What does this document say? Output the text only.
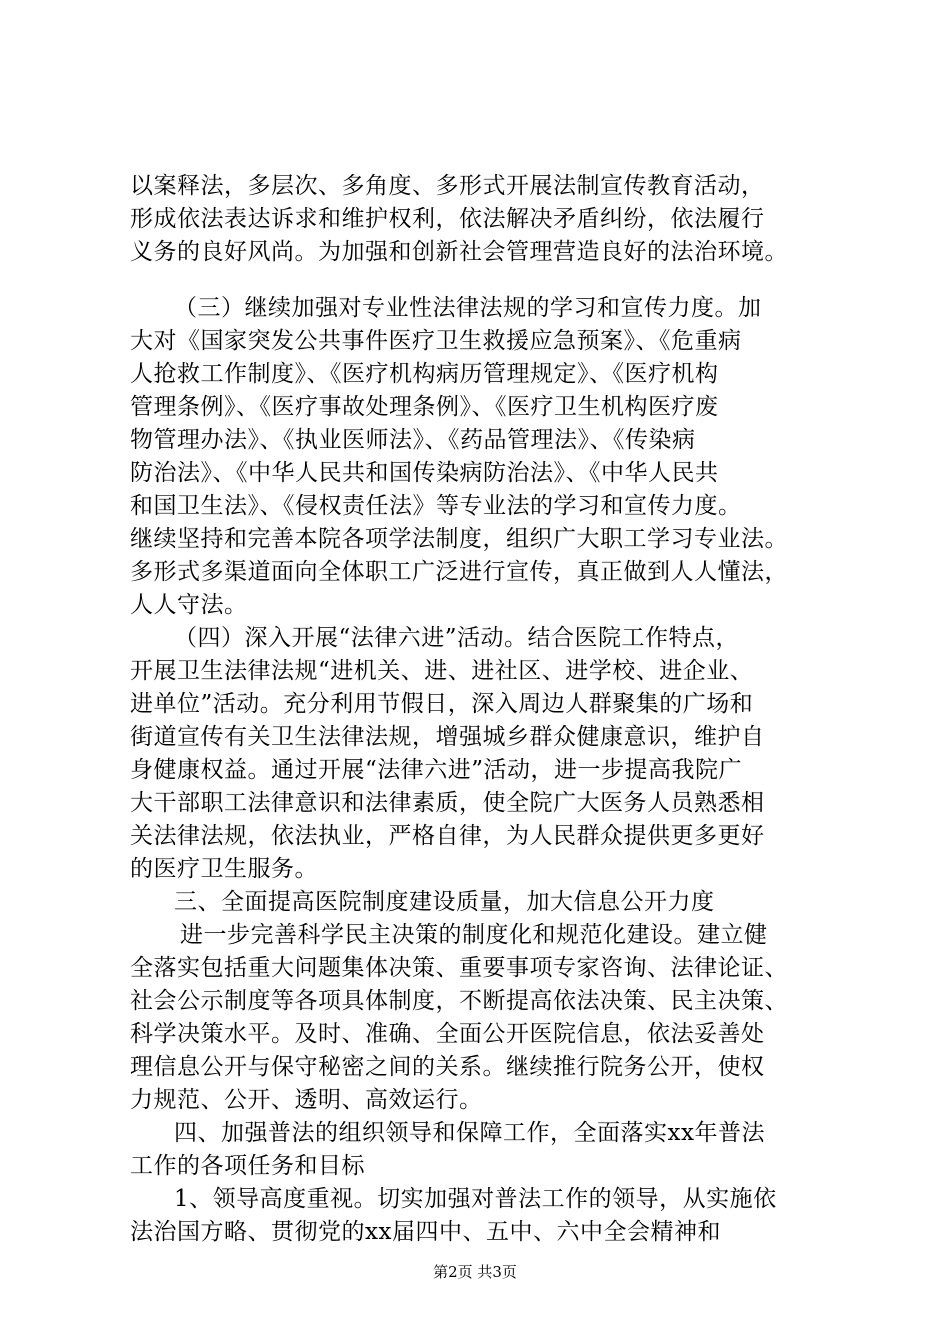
以案释法，多层次、多角度、多形式开展法制宣传教育活动，
形成依法表达诉求和维护权利，依法解决矛盾纠纷，依法履行
义务的良好风尚。为加强和创新社会管理营造良好的法治环境。
（三）继续加强对专业性法律法规的学习和宣传力度。加
大对《国家突发公共事件医疗卫生救援应急预案》、《危重病
人抢救工作制度》、《医疗机构病历管理规定》、《医疗机构
管理条例》、《医疗事故处理条例》、《医疗卫生机构医疗废
物管理办法》、《执业医师法》、《药品管理法》、《传染病
防治法》、《中华人民共和国传染病防治法》、《中华人民共
和国卫生法》、《侵权责任法》等专业法的学习和宣传力度。
继续坚持和完善本院各项学法制度，组织广大职工学习专业法。
多形式多渠道面向全体职工广泛进行宣传，真正做到人人懂法，
人人守法。
（四）深入开展“法律六进”活动。结合医院工作特点，
开展卫生法律法规“进机关、进、进社区、进学校、进企业、
进单位”活动。充分利用节假日，深入周边人群聚集的广场和
街道宣传有关卫生法律法规，增强城乡群众健康意识，维护自
身健康权益。通过开展“法律六进”活动，进一步提高我院广
大干部职工法律意识和法律素质，使全院广大医务人员熟悉相
关法律法规，依法执业，严格自律，为人民群众提供更多更好
的医疗卫生服务。
三、全面提高医院制度建设质量，加大信息公开力度
进一步完善科学民主决策的制度化和规范化建设。建立健
全落实包括重大问题集体决策、重要事项专家咨询、法律论证、
社会公示制度等各项具体制度，不断提高依法决策、民主决策、
科学决策水平。及时、准确、全面公开医院信息，依法妥善处
理信息公开与保守秘密之间的关系。继续推行院务公开，使权
力规范、公开、透明、高效运行。
四、加强普法的组织领导和保障工作，全面落实xx年普法
工作的各项任务和目标
1、领导高度重视。切实加强对普法工作的领导，从实施依
法治国方略、贯彻党的xx届四中、五中、六中全会精神和
第2页 共3页
